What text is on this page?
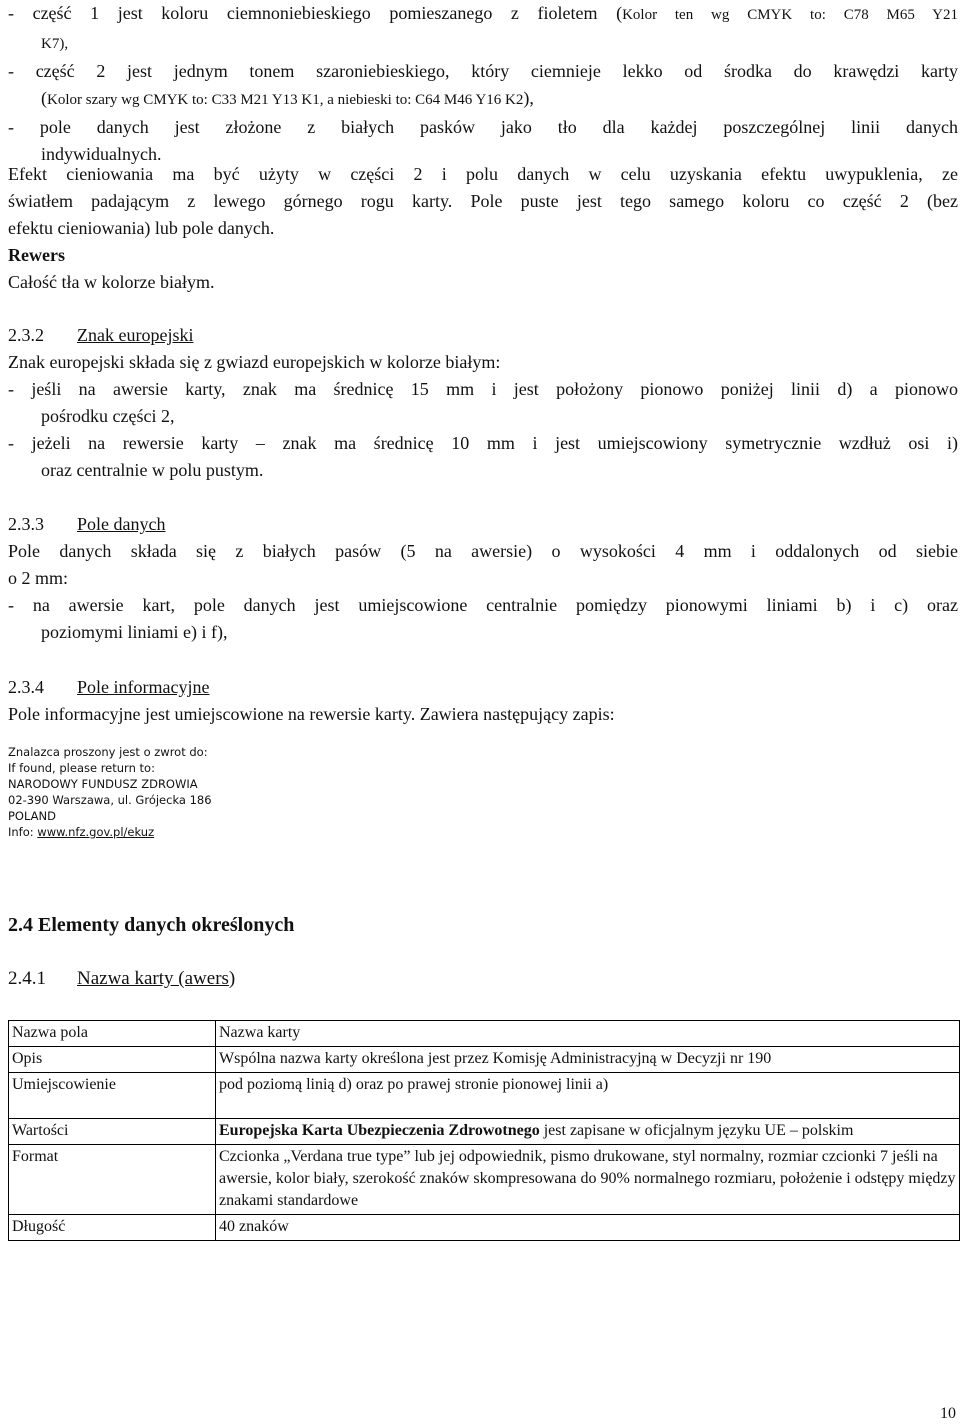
- część 1 jest koloru ciemnoniebieskiego pomieszanego z fioletem (Kolor ten wg CMYK to: C78 M65 Y21
K7),
- część 2 jest jednym tonem szaroniebieskiego, który ciemnieje lekko od środka do krawędzi karty
(Kolor szary wg CMYK to: C33 M21 Y13 K1, a niebieski to: C64 M46 Y16 K2),
- pole danych jest złożone z białych pasków jako tło dla każdej poszczególnej linii danych
indywidualnych.
Efekt cieniowania ma być użyty w części 2 i polu danych w celu uzyskania efektu uwypuklenia, ze
światłem padającym z lewego górnego rogu karty. Pole puste jest tego samego koloru co część 2 (bez
efektu cieniowania) lub pole danych.
Rewers
Całość tła w kolorze białym.
2.3.2 Znak europejski
Znak europejski składa się z gwiazd europejskich w kolorze białym:
- jeśli na awersie karty, znak ma średnicę 15 mm i jest położony pionowo poniżej linii d) a pionowo
pośrodku części 2,
- jeżeli na rewersie karty – znak ma średnicę 10 mm i jest umiejscowiony symetrycznie wzdłuż osi i)
oraz centralnie w polu pustym.
2.3.3 Pole danych
Pole danych składa się z białych pasów (5 na awersie) o wysokości 4 mm i oddalonych od siebie
o 2 mm:
- na awersie kart, pole danych jest umiejscowione centralnie pomiędzy pionowymi liniami b) i c) oraz
poziomymi liniami e) i f),
2.3.4 Pole informacyjne
Pole informacyjne jest umiejscowione na rewersie karty. Zawiera następujący zapis:
Znalazca proszony jest o zwrot do:
If found, please return to:
NARODOWY FUNDUSZ ZDROWIA
02-390 Warszawa, ul. Grójecka 186
POLAND
Info: www.nfz.gov.pl/ekuz
2.4 Elementy danych określonych
2.4.1 Nazwa karty (awers)
Nazwa pola	Nazwa karty
Opis	Wspólna nazwa karty określona jest przez Komisję Administracyjną w Decyzji nr 190
Umiejscowienie	pod poziomą linią d) oraz po prawej stronie pionowej linii a)
Wartości	Europejska Karta Ubezpieczenia Zdrowotnego jest zapisane w oficjalnym języku UE – polskim
Format	Czcionka „Verdana true type” lub jej odpowiednik, pismo drukowane, styl normalny, rozmiar czcionki 7 jeśli na awersie, kolor biały, szerokość znaków skompresowana do 90% normalnego rozmiaru, położenie i odstępy między znakami standardowe
Długość	40 znaków
10
